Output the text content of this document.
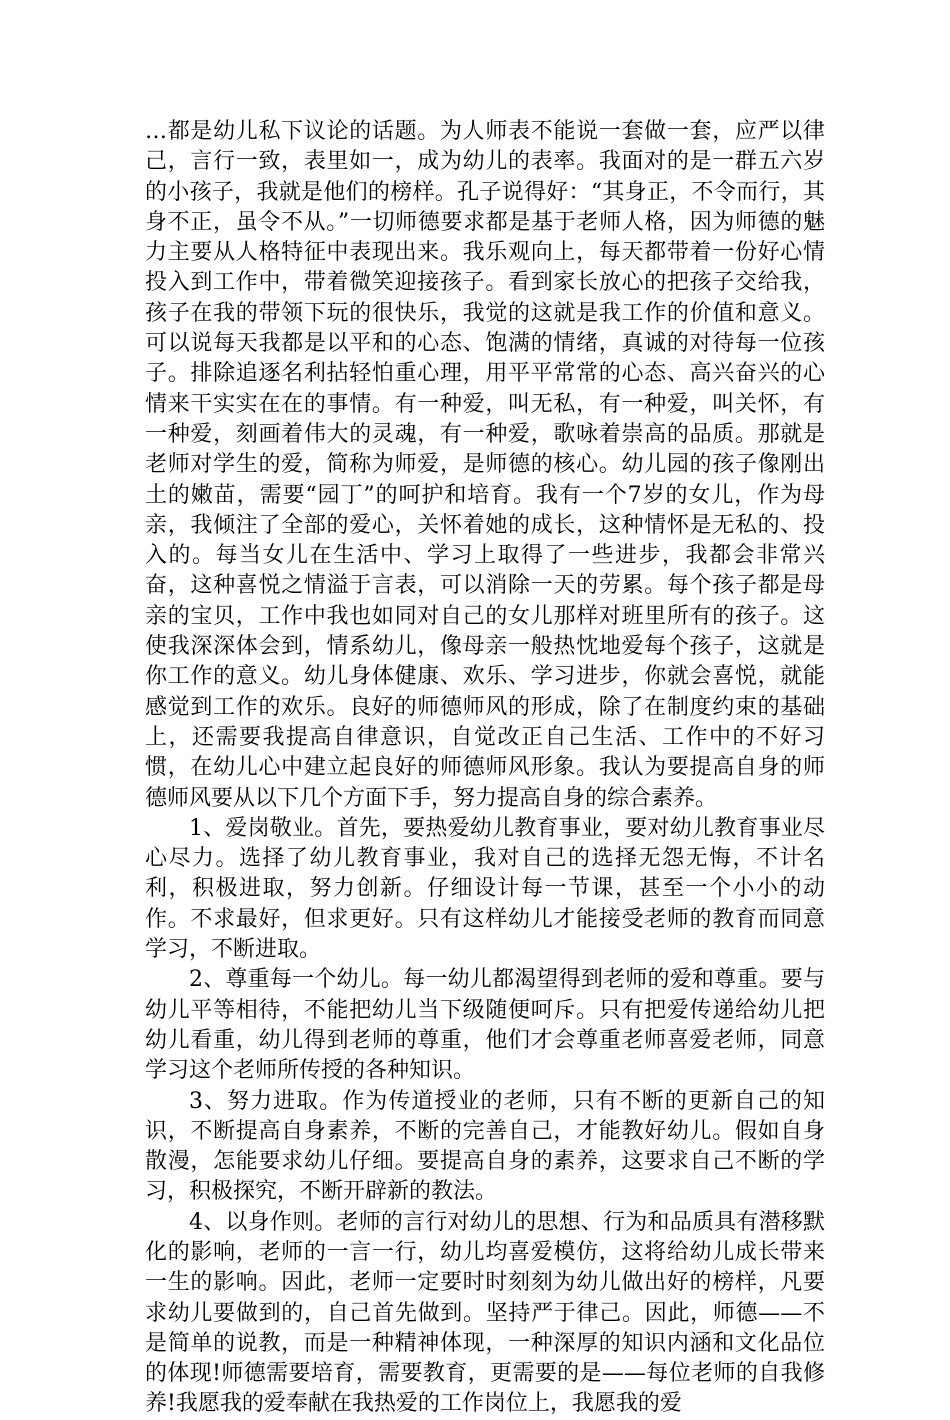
…都是幼儿私下议论的话题。为人师表不能说一套做一套，应严以律己，言行一致，表里如一，成为幼儿的表率。我面对的是一群五六岁的小孩子，我就是他们的榜样。孔子说得好：“其身正，不令而行，其身不正，虽令不从。”一切师德要求都是基于老师人格，因为师德的魅力主要从人格特征中表现出来。我乐观向上，每天都带着一份好心情投入到工作中，带着微笑迎接孩子。看到家长放心的把孩子交给我，孩子在我的带领下玩的很快乐，我觉的这就是我工作的价值和意义。可以说每天我都是以平和的心态、饱满的情绪，真诚的对待每一位孩子。排除追逐名利拈轻怕重心理，用平平常常的心态、高兴奋兴的心情来干实实在在的事情。有一种爱，叫无私，有一种爱，叫关怀，有一种爱，刻画着伟大的灵魂，有一种爱，歌咏着崇高的品质。那就是老师对学生的爱，简称为师爱，是师德的核心。幼儿园的孩子像刚出土的嫩苗，需要“园丁”的呵护和培育。我有一个7岁的女儿，作为母亲，我倾注了全部的爱心，关怀着她的成长，这种情怀是无私的、投入的。每当女儿在生活中、学习上取得了一些进步，我都会非常兴奋，这种喜悦之情溢于言表，可以消除一天的劳累。每个孩子都是母亲的宝贝，工作中我也如同对自己的女儿那样对班里所有的孩子。这使我深深体会到，情系幼儿，像母亲一般热忱地爱每个孩子，这就是你工作的意义。幼儿身体健康、欢乐、学习进步，你就会喜悦，就能感觉到工作的欢乐。良好的师德师风的形成，除了在制度约束的基础上，还需要我提高自律意识，自觉改正自己生活、工作中的不好习惯，在幼儿心中建立起良好的师德师风形象。我认为要提高自身的师德师风要从以下几个方面下手，努力提高自身的综合素养。

1、爱岗敬业。首先，要热爱幼儿教育事业，要对幼儿教育事业尽心尽力。选择了幼儿教育事业，我对自己的选择无怨无悔，不计名利，积极进取，努力创新。仔细设计每一节课，甚至一个小小的动作。不求最好，但求更好。只有这样幼儿才能接受老师的教育而同意学习，不断进取。

2、尊重每一个幼儿。每一幼儿都渴望得到老师的爱和尊重。要与幼儿平等相待，不能把幼儿当下级随便呵斥。只有把爱传递给幼儿把幼儿看重，幼儿得到老师的尊重，他们才会尊重老师喜爱老师，同意学习这个老师所传授的各种知识。

3、努力进取。作为传道授业的老师，只有不断的更新自己的知识，不断提高自身素养，不断的完善自己，才能教好幼儿。假如自身散漫，怎能要求幼儿仔细。要提高自身的素养，这要求自己不断的学习，积极探究，不断开辟新的教法。

4、以身作则。老师的言行对幼儿的思想、行为和品质具有潜移默化的影响，老师的一言一行，幼儿均喜爱模仿，这将给幼儿成长带来一生的影响。因此，老师一定要时时刻刻为幼儿做出好的榜样，凡要求幼儿要做到的，自己首先做到。坚持严于律己。因此，师德——不是简单的说教，而是一种精神体现，一种深厚的知识内涵和文化品位的体现!师德需要培育，需要教育，更需要的是——每位老师的自我修养!我愿我的爱奉献在我热爱的工作岗位上，我愿我的爱
